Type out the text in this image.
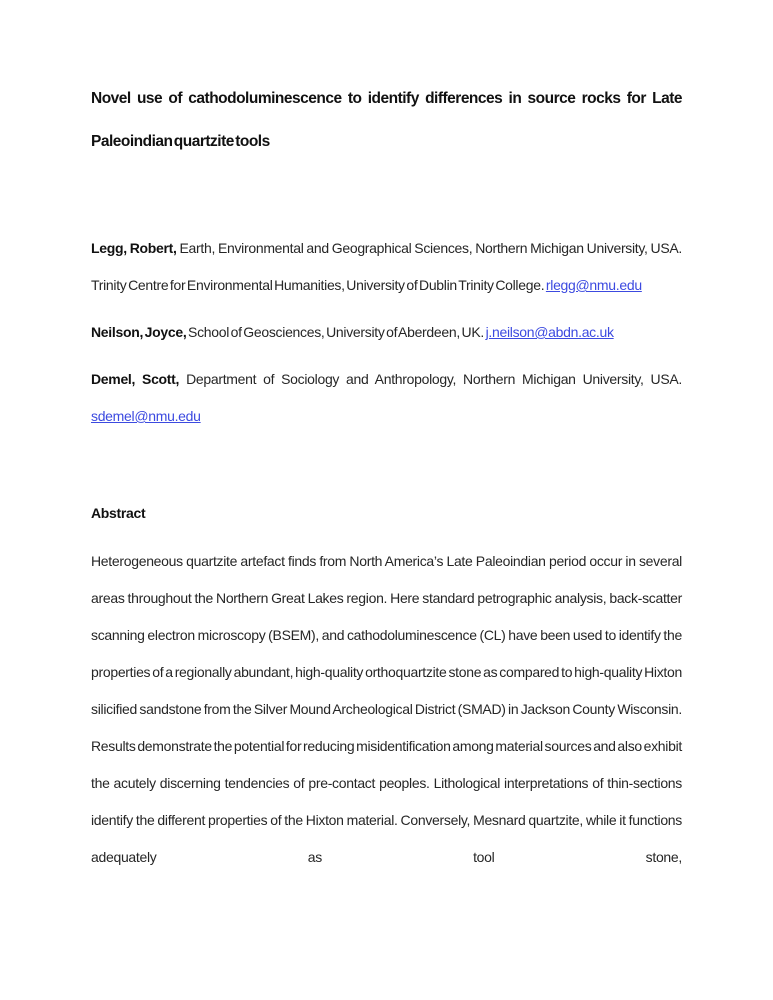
Novel use of cathodoluminescence to identify differences in source rocks for Late Paleoindian quartzite tools

Legg, Robert, Earth, Environmental and Geographical Sciences, Northern Michigan University, USA. Trinity Centre for Environmental Humanities, University of Dublin Trinity College. rlegg@nmu.edu

Neilson, Joyce, School of Geosciences, University of Aberdeen, UK. j.neilson@abdn.ac.uk

Demel, Scott, Department of Sociology and Anthropology, Northern Michigan University, USA. sdemel@nmu.edu

Abstract

Heterogeneous quartzite artefact finds from North America’s Late Paleoindian period occur in several areas throughout the Northern Great Lakes region. Here standard petrographic analysis, back-scatter scanning electron microscopy (BSEM), and cathodoluminescence (CL) have been used to identify the properties of a regionally abundant, high-quality orthoquartzite stone as compared to high-quality Hixton silicified sandstone from the Silver Mound Archeological District (SMAD) in Jackson County Wisconsin. Results demonstrate the potential for reducing misidentification among material sources and also exhibit the acutely discerning tendencies of pre-contact peoples. Lithological interpretations of thin-sections identify the different properties of the Hixton material. Conversely, Mesnard quartzite, while it functions adequately as tool stone,
